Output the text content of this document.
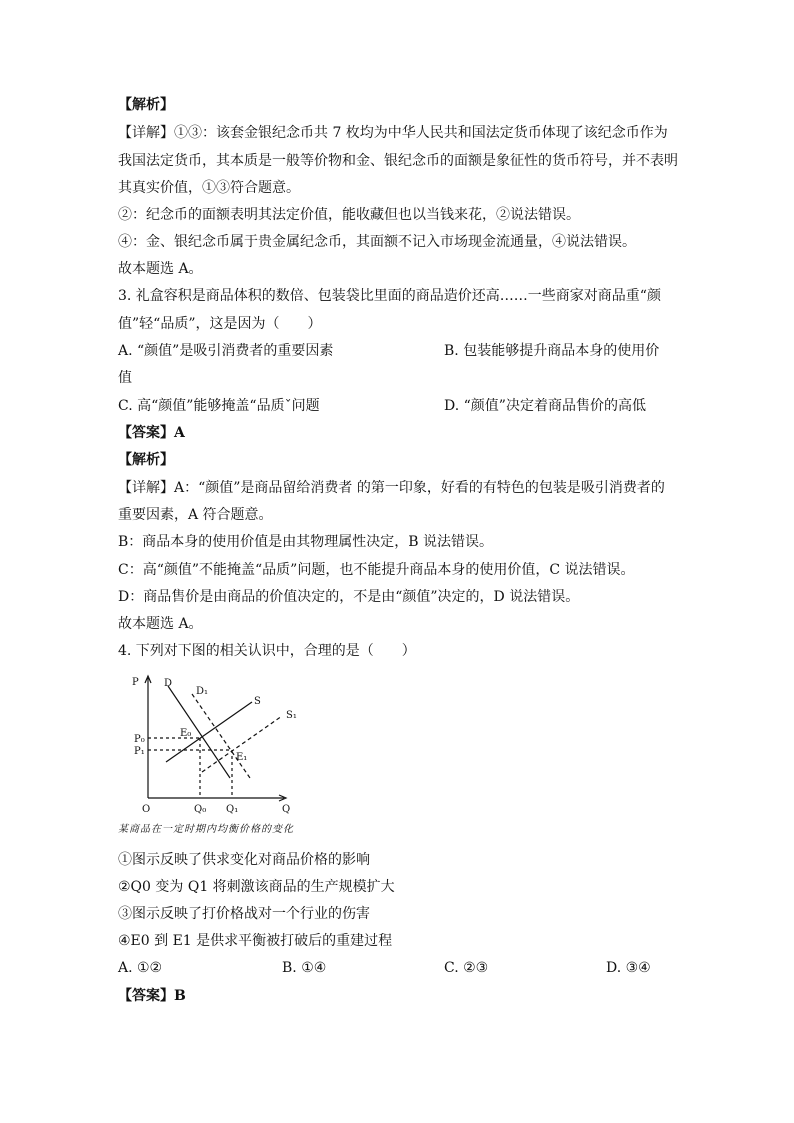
【解析】
【详解】①③：该套金银纪念币共 7 枚均为中华人民共和国法定货币体现了该纪念币作为
我国法定货币，其本质是一般等价物和金、银纪念币的面额是象征性的货币符号，并不表明
其真实价值，①③符合题意。
②：纪念币的面额表明其法定价值，能收藏但也以当钱来花，②说法错误。
④：金、银纪念币属于贵金属纪念币，其面额不记入市场现金流通量，④说法错误。
故本题选 A。
3. 礼盒容积是商品体积的数倍、包装袋比里面的商品造价还高……一些商家对商品重“颜
值”轻“品质”，这是因为（　　）
A. “颜值”是吸引消费者的重要因素	B. 包装能够提升商品本身的使用价
值
C. 高“颜值”能够掩盖“品质ˇ问题	D. “颜值”决定着商品售价的高低
【答案】A
【解析】
【详解】A：“颜值”是商品留给消费者 的第一印象，好看的有特色的包装是吸引消费者的
重要因素，A 符合题意。
B：商品本身的使用价值是由其物理属性决定，B 说法错误。
C：高“颜值”不能掩盖“品质”问题，也不能提升商品本身的使用价值，C 说法错误。
D：商品售价是由商品的价值决定的，不是由“颜值”决定的，D 说法错误。
故本题选 A。
4. 下列对下图的相关认识中，合理的是（　　）
P
Q
O
P₀
P₁
Q₀ Q₁
D
D₁
S
S₁
E₀
E₁
某商品在一定时期内均衡价格的变化
①图示反映了供求变化对商品价格的影响
②Q0 变为 Q1 将刺激该商品的生产规模扩大
③图示反映了打价格战对一个行业的伤害
④E0 到 E1 是供求平衡被打破后的重建过程
A. ①②	B. ①④	C. ②③	D. ③④
【答案】B
